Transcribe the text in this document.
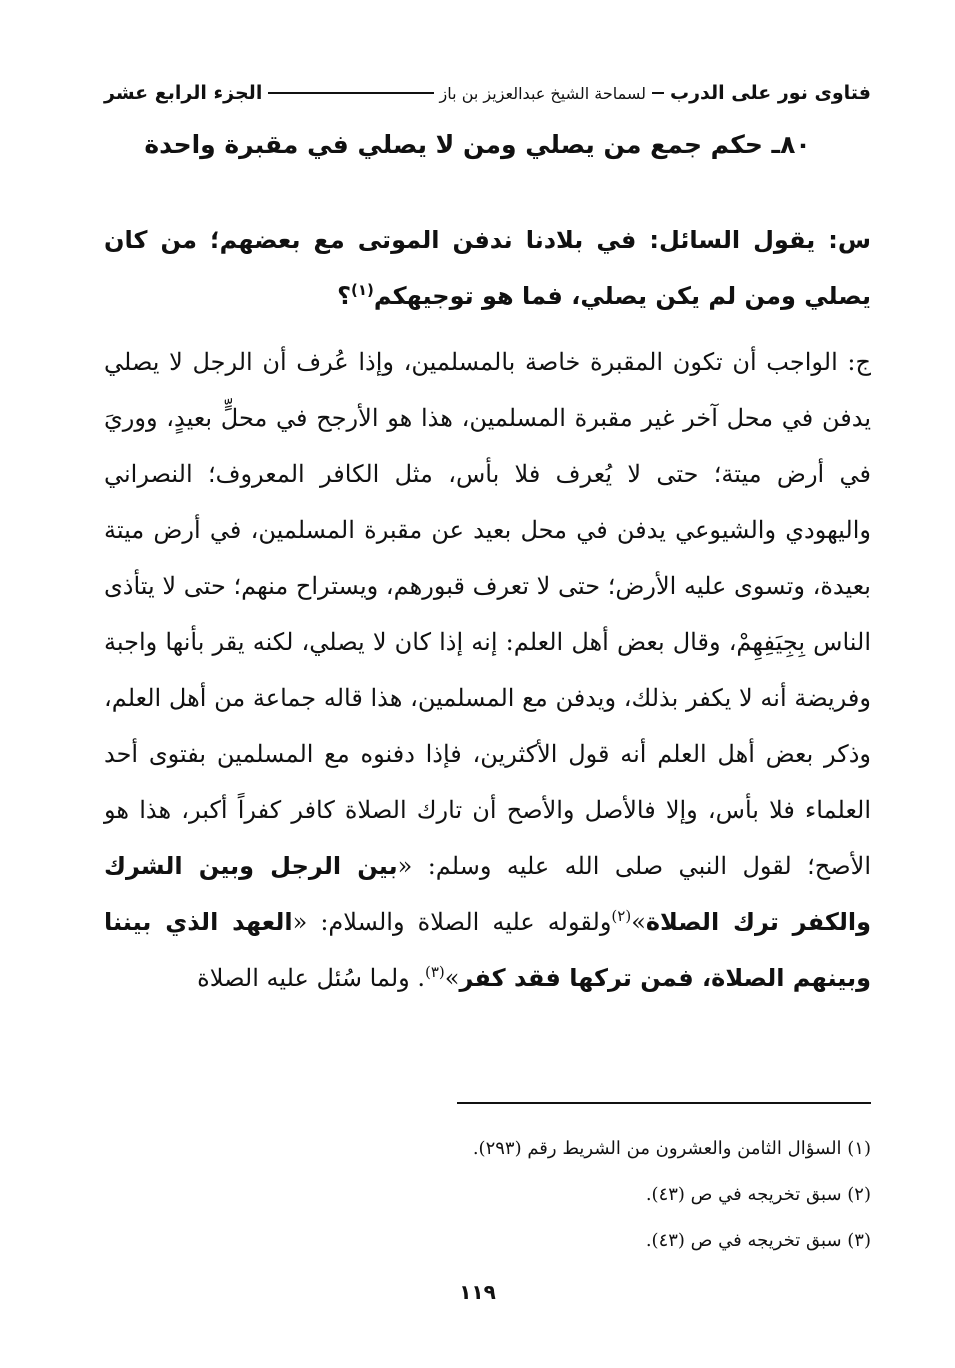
فتاوى نور على الدرب
لسماحة الشيخ عبدالعزيز بن باز
الجزء الرابع عشر
٨٠ـ حكم جمع من يصلي ومن لا يصلي في مقبرة واحدة

س: يقول السائل: في بلادنا ندفن الموتى مع بعضهم؛ من كان يصلي ومن لم يكن يصلي، فما هو توجيهكم$^{(١)}$؟

ج: الواجب أن تكون المقبرة خاصة بالمسلمين، وإذا عُرف أن الرجل لا يصلي يدفن في محل آخر غير مقبرة المسلمين، هذا هو الأرجح في محلٍّ بعيدٍ، ووريَ في أرض ميتة؛ حتى لا يُعرف فلا بأس، مثل الكافر المعروف؛ النصراني واليهودي والشيوعي يدفن في محل بعيد عن مقبرة المسلمين، في أرض ميتة بعيدة، وتسوى عليه الأرض؛ حتى لا تعرف قبورهم، ويستراح منهم؛ حتى لا يتأذى الناس بِجِيَفِهِمْ، وقال بعض أهل العلم: إنه إذا كان لا يصلي، لكنه يقر بأنها واجبة وفريضة أنه لا يكفر بذلك، ويدفن مع المسلمين، هذا قاله جماعة من أهل العلم، وذكر بعض أهل العلم أنه قول الأكثرين، فإذا دفنوه مع المسلمين بفتوى أحد العلماء فلا بأس، وإلا فالأصل والأصح أن تارك الصلاة كافر كفراً أكبر، هذا هو الأصح؛ لقول النبي صلى الله عليه وسلم: «بين الرجل وبين الشرك والكفر ترك الصلاة»$^{(٢)}$ولقوله عليه الصلاة والسلام: «العهد الذي بيننا وبينهم الصلاة، فمن تركها فقد كفر»$^{(٣)}$. ولما سُئل عليه الصلاة

(١) السؤال الثامن والعشرون من الشريط رقم (٢٩٣).
(٢) سبق تخريجه في ص (٤٣).
(٣) سبق تخريجه في ص (٤٣).
١١٩
